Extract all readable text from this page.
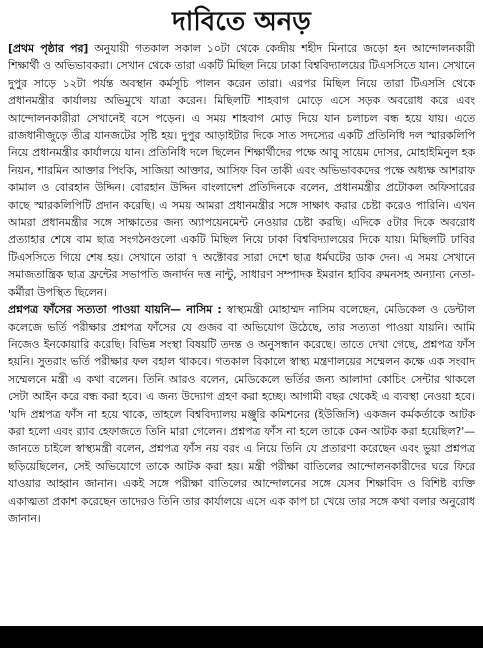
দাবিতে অনড়

[প্রথম পৃষ্ঠার পর] অনুযায়ী গতকাল সকাল ১০টা থেকে কেন্দ্রীয় শহীদ মিনারে জড়ো হন আন্দোলনকারী শিক্ষার্থী ও অভিভাবকরা। সেখান থেকে তারা একটি মিছিল নিয়ে ঢাকা বিশ্ববিদ্যালয়ের টিএসসিতে যান। সেখানে দুপুর সাড়ে ১২টা পর্যন্ত অবস্থান কর্মসূচি পালন করেন তারা। এরপর মিছিল নিয়ে তারা টিএসসি থেকে প্রধানমন্ত্রীর কার্যালয় অভিমুখে যাত্রা করেন। মিছিলটি শাহবাগ মোড়ে এসে সড়ক অবরোধ করে এবং আন্দোলনকারীরা সেখানেই বসে পড়েন। এ সময় শাহবাগ মোড় দিয়ে যান চলাচল বন্ধ হয়ে যায়। এতে রাজধানীজুড়ে তীব্র যানজটের সৃষ্টি হয়। দুপুর আড়াইটার দিকে সাত সদস্যের একটি প্রতিনিধি দল স্মারকলিপি নিয়ে প্রধানমন্ত্রীর কার্যালয়ে যান। প্রতিনিধি দলে ছিলেন শিক্ষার্থীদের পক্ষে আবু সায়েম দোসর, মোহাইমিনুল হক নিয়ন, শারমিন আক্তার পিংকি, সাজিয়া আক্তার, আসিফ বিন তাকী এবং অভিভাবকদের পক্ষে অধ্যক্ষ আশরাফ কামাল ও বোরহান উদ্দিন। বোরহান উদ্দিন বাংলাদেশ প্রতিদিনকে বলেন, প্রধানমন্ত্রীর প্রটোকল অফিসারের কাছে স্মারকলিপিটি প্রদান করেছি। এ সময় আমরা প্রধানমন্ত্রীর সঙ্গে সাক্ষাৎ করার চেষ্টা করেও পারিনি। এখন আমরা প্রধানমন্ত্রীর সঙ্গে সাক্ষাতের জন্য অ্যাপয়েনমেন্ট নেওয়ার চেষ্টা করছি। এদিকে ৫টার দিকে অবরোধ প্রত্যাহার শেষে বাম ছাত্র সংগঠনগুলো একটি মিছিল নিয়ে ঢাকা বিশ্ববিদ্যালয়ের দিকে যায়। মিছিলটি ঢাবির টিএসসিতে গিয়ে শেষ হয়। সেখানে তারা ৭ অক্টোবর সারা দেশে ছাত্র ধর্মঘটের ডাক দেন। এ সময় সেখানে সমাজতান্ত্রিক ছাত্র ফ্রন্টের সভাপতি জনার্দন দত্ত নান্টু, সাধারণ সম্পাদক ইমরান হাবিব রুমনসহ অন্যান্য নেতা-কর্মীরা উপস্থিত ছিলেন।

প্রশ্নপত্র ফাঁসের সত্যতা পাওয়া যায়নি— নাসিম : স্বাস্থ্যমন্ত্রী মোহাম্মদ নাসিম বলেছেন, মেডিকেল ও ডেন্টাল কলেজে ভর্তি পরীক্ষার প্রশ্নপত্র ফাঁসের যে গুজব বা অভিযোগ উঠেছে, তার সত্যতা পাওয়া যায়নি। আমি নিজেও ইনকোয়ারি করেছি। বিভিন্ন সংস্থা বিষয়টি তদন্ত ও অনুসন্ধান করেছে। তাতে দেখা গেছে, প্রশ্নপত্র ফাঁস হয়নি। সুতরাং ভর্তি পরীক্ষার ফল বহাল থাকবে। গতকাল বিকালে স্বাস্থ্য মন্ত্রণালয়ের সম্মেলন কক্ষে এক সংবাদ সম্মেলনে মন্ত্রী এ কথা বলেন। তিনি আরও বলেন, মেডিকেলে ভর্তির জন্য আলাদা কোচিং সেন্টার থাকলে সেটা আইন করে বন্ধ করা হবে। এ জন্য উদ্যোগ গ্রহণ করা হচ্ছে। আগামী বছর থেকেই এ ব্যবস্থা নেওয়া হবে। 'যদি প্রশ্নপত্র ফাঁস না হয়ে থাকে, তাহলে বিশ্ববিদ্যালয় মঞ্জুরি কমিশনের (ইউজিসি) একজন কর্মকর্তাকে আটক করা হলো এবং র‌্যাব হেফাজতে তিনি মারা গেলেন। প্রশ্নপত্র ফাঁস না হলে তাকে কেন আটক করা হয়েছিল?'— জানতে চাইলে স্বাস্থ্যমন্ত্রী বলেন, প্রশ্নপত্র ফাঁস নয় বরং এ নিয়ে তিনি যে প্রতারণা করেছেন এবং ভুয়া প্রশ্নপত্র ছড়িয়েছিলেন, সেই অভিযোগে তাকে আটক করা হয়। মন্ত্রী পরীক্ষা বাতিলের আন্দোলনকারীদের ঘরে ফিরে যাওয়ার আহ্বান জানান। একই সঙ্গে পরীক্ষা বাতিলের আন্দোলনের সঙ্গে যেসব শিক্ষাবিদ ও বিশিষ্ট ব্যক্তি একাত্মতা প্রকাশ করেছেন তাদেরও তিনি তার কার্যালয়ে এসে এক কাপ চা খেয়ে তার সঙ্গে কথা বলার অনুরোধ জানান।
